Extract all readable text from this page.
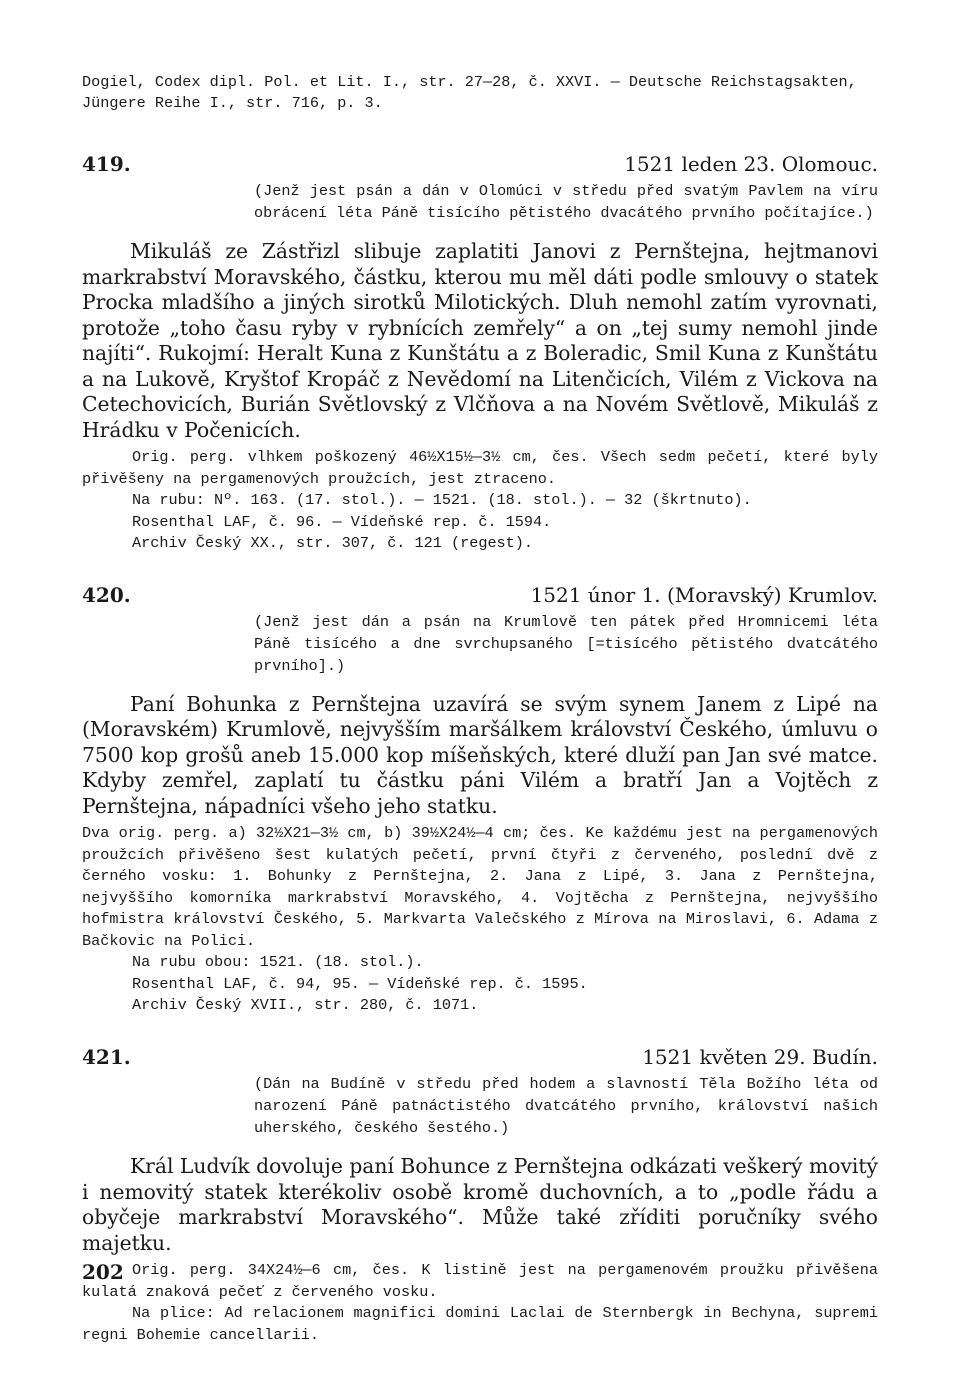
Dogiel, Codex dipl. Pol. et Lit. I., str. 27—28, č. XXVI. — Deutsche Reichstagsakten,

Jüngere Reihe I., str. 716, p. 3.

419.	1521 leden 23. Olomouc.

(Jenž jest psán a dán v Olomúci v středu před svatým Pavlem na víru obrácení léta Páně tisícího pětistého dvacátého prvního počítajíce.)

Mikuláš ze Zástřizl slibuje zaplatiti Janovi z Pernštejna, hejtmanovi markrabství Moravského, částku, kterou mu měl dáti podle smlouvy o statek Procka mladšího a jiných sirotků Milotických. Dluh nemohl zatím vyrovnati, protože „toho času ryby v rybnících zemřely“ a on „tej sumy nemohl jinde najíti“. Rukojmí: Heralt Kuna z Kunštátu a z Boleradic, Smil Kuna z Kunštátu a na Lukově, Kryštof Kropáč z Nevědomí na Litenčicích, Vilém z Vickova na Cetechovicích, Burián Světlovský z Vlčňova a na Novém Světlově, Mikuláš z Hrádku v Počenicích.

Orig. perg. vlhkem poškozený 46½X15½—3½ cm, čes. Všech sedm pečetí, které byly přivěšeny na pergamenových proužcích, jest ztraceno.

Na rubu: Nº. 163. (17. stol.). — 1521. (18. stol.). — 32 (škrtnuto).

Rosenthal LAF, č. 96. — Vídeňské rep. č. 1594.

Archiv Český XX., str. 307, č. 121 (regest).

420.	1521 únor 1. (Moravský) Krumlov.

(Jenž jest dán a psán na Krumlově ten pátek před Hromnicemi léta Páně tisícého a dne svrchupsaného [=tisícého pětistého dvatcátého prvního].)

Paní Bohunka z Pernštejna uzavírá se svým synem Janem z Lipé na (Moravském) Krumlově, nejvyšším maršálkem království Českého, úmluvu o 7500 kop grošů aneb 15.000 kop míšeňských, které dluží pan Jan své matce. Kdyby zemřel, zaplatí tu částku páni Vilém a bratří Jan a Vojtěch z Pernštejna, nápadníci všeho jeho statku.

Dva orig. perg. a) 32½X21—3½ cm, b) 39½X24½—4 cm; čes. Ke každému jest na pergamenových proužcích přivěšeno šest kulatých pečetí, první čtyři z červeného, poslední dvě z černého vosku: 1. Bohunky z Pernštejna, 2. Jana z Lipé, 3. Jana z Pernštejna, nejvyššího komorníka markrabství Moravského, 4. Vojtěcha z Pernštejna, nejvyššího hofmistra království Českého, 5. Markvarta Valečského z Mírova na Miroslavi, 6. Adama z Bačkovic na Polici.

Na rubu obou: 1521. (18. stol.).

Rosenthal LAF, č. 94, 95. — Vídeňské rep. č. 1595.

Archiv Český XVII., str. 280, č. 1071.

421.	1521 květen 29. Budín.

(Dán na Budíně v středu před hodem a slavností Těla Božího léta od narození Páně patnáctistého dvatcátého prvního, království našich uherského, českého šestého.)

Král Ludvík dovoluje paní Bohunce z Pernštejna odkázati veškerý movitý i nemovitý statek kterékoliv osobě kromě duchovních, a to „podle řádu a obyčeje markrabství Moravského“. Může také zříditi poručníky svého majetku.

Orig. perg. 34X24½—6 cm, čes. K listině jest na pergamenovém proužku přivěšena kulatá znaková pečeť z červeného vosku.

Na plice: Ad relacionem magnifici domini Laclai de Sternbergk in Bechyna, supremi regni Bohemie cancellarii.

202
